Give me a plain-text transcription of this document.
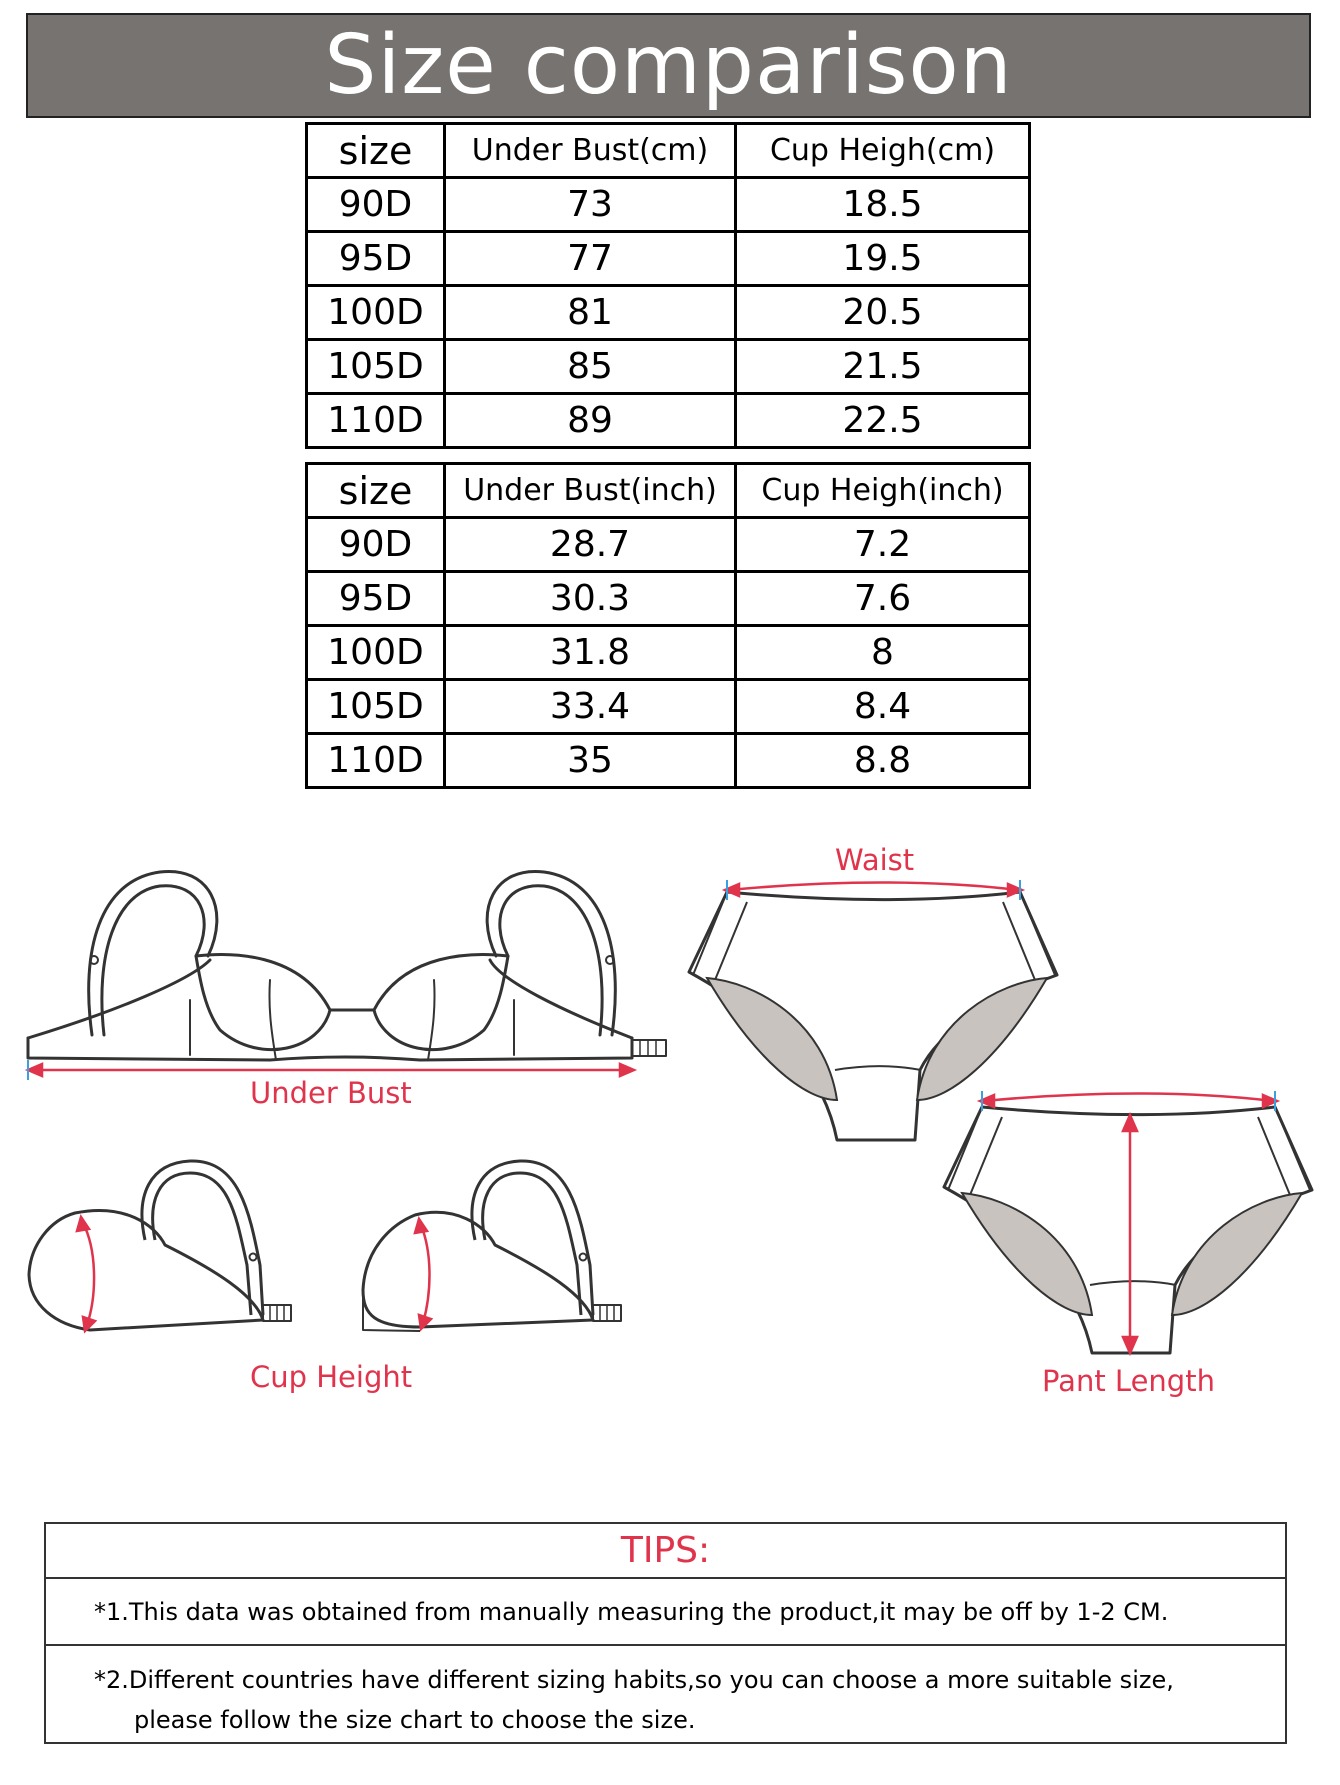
Size comparison
size	Under Bust(cm)	Cup Heigh(cm)
90D	73	18.5
95D	77	19.5
100D	81	20.5
105D	85	21.5
110D	89	22.5
size	Under Bust(inch)	Cup Heigh(inch)
90D	28.7	7.2
95D	30.3	7.6
100D	31.8	8
105D	33.4	8.4
110D	35	8.8
Under Bust
Cup Height
Waist
Pant Length
TIPS:
*1.This data was obtained from manually measuring the product,it may be off by 1-2 CM.
*2.Different countries have different sizing habits,so you can choose a more suitable size,
please follow the size chart to choose the size.
